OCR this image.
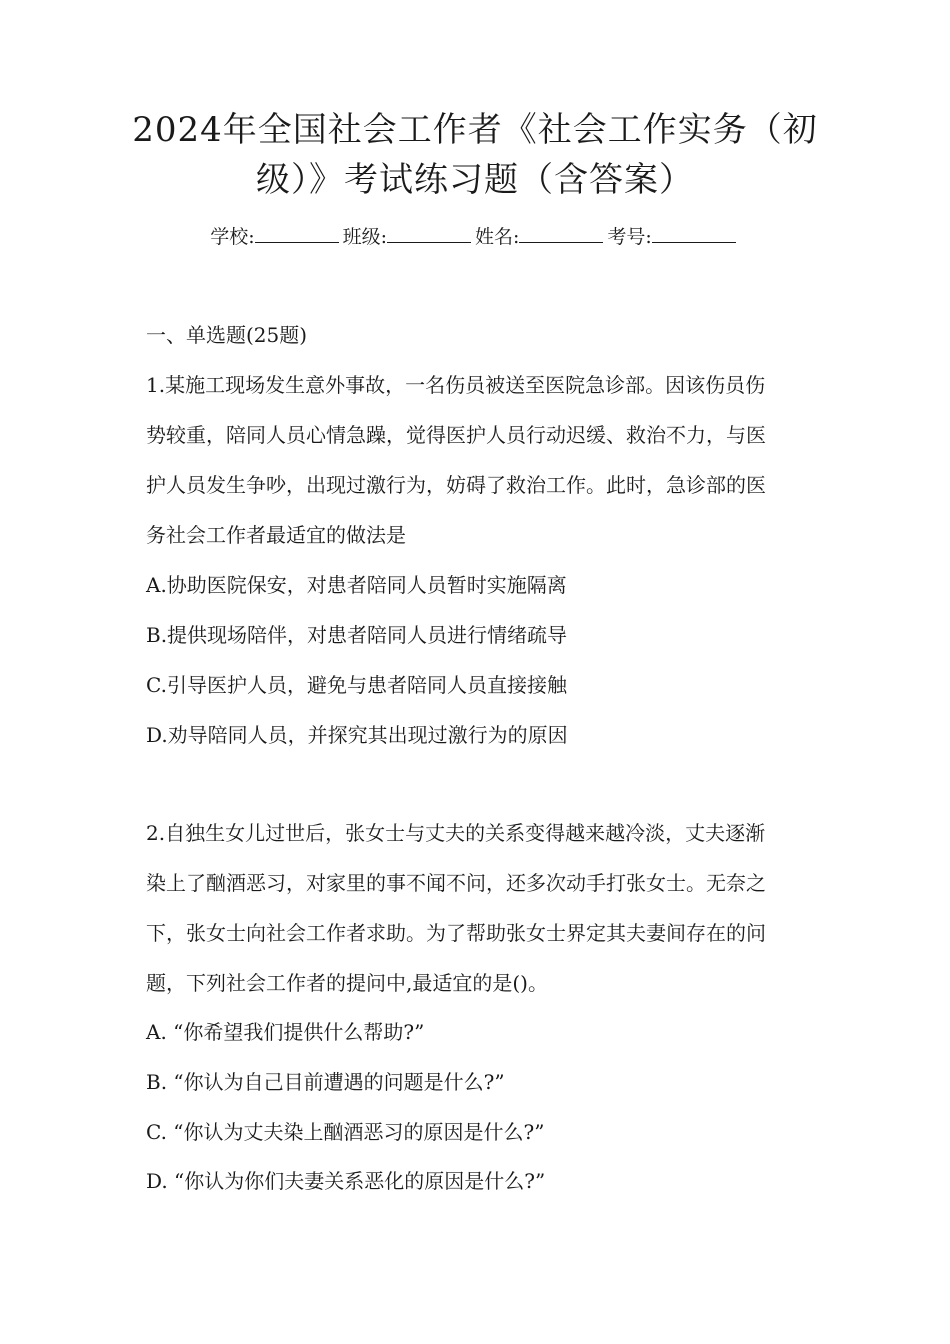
2024年全国社会工作者《社会工作实务（初
级）》考试练习题（含答案）
学校:	班级:	姓名:	考号:
一、单选题(25题)
1.某施工现场发生意外事故，一名伤员被送至医院急诊部。因该伤员伤
势较重，陪同人员心情急躁，觉得医护人员行动迟缓、救治不力，与医
护人员发生争吵，出现过激行为，妨碍了救治工作。此时，急诊部的医
务社会工作者最适宜的做法是
A.协助医院保安，对患者陪同人员暂时实施隔离
B.提供现场陪伴，对患者陪同人员进行情绪疏导
C.引导医护人员，避免与患者陪同人员直接接触
D.劝导陪同人员，并探究其出现过激行为的原因
2.自独生女儿过世后，张女士与丈夫的关系变得越来越冷淡，丈夫逐渐
染上了酗酒恶习，对家里的事不闻不问，还多次动手打张女士。无奈之
下，张女士向社会工作者求助。为了帮助张女士界定其夫妻间存在的问
题，下列社会工作者的提问中,最适宜的是()。
A. “你希望我们提供什么帮助?”
B. “你认为自己目前遭遇的问题是什么?”
C. “你认为丈夫染上酗酒恶习的原因是什么?”
D. “你认为你们夫妻关系恶化的原因是什么?”
